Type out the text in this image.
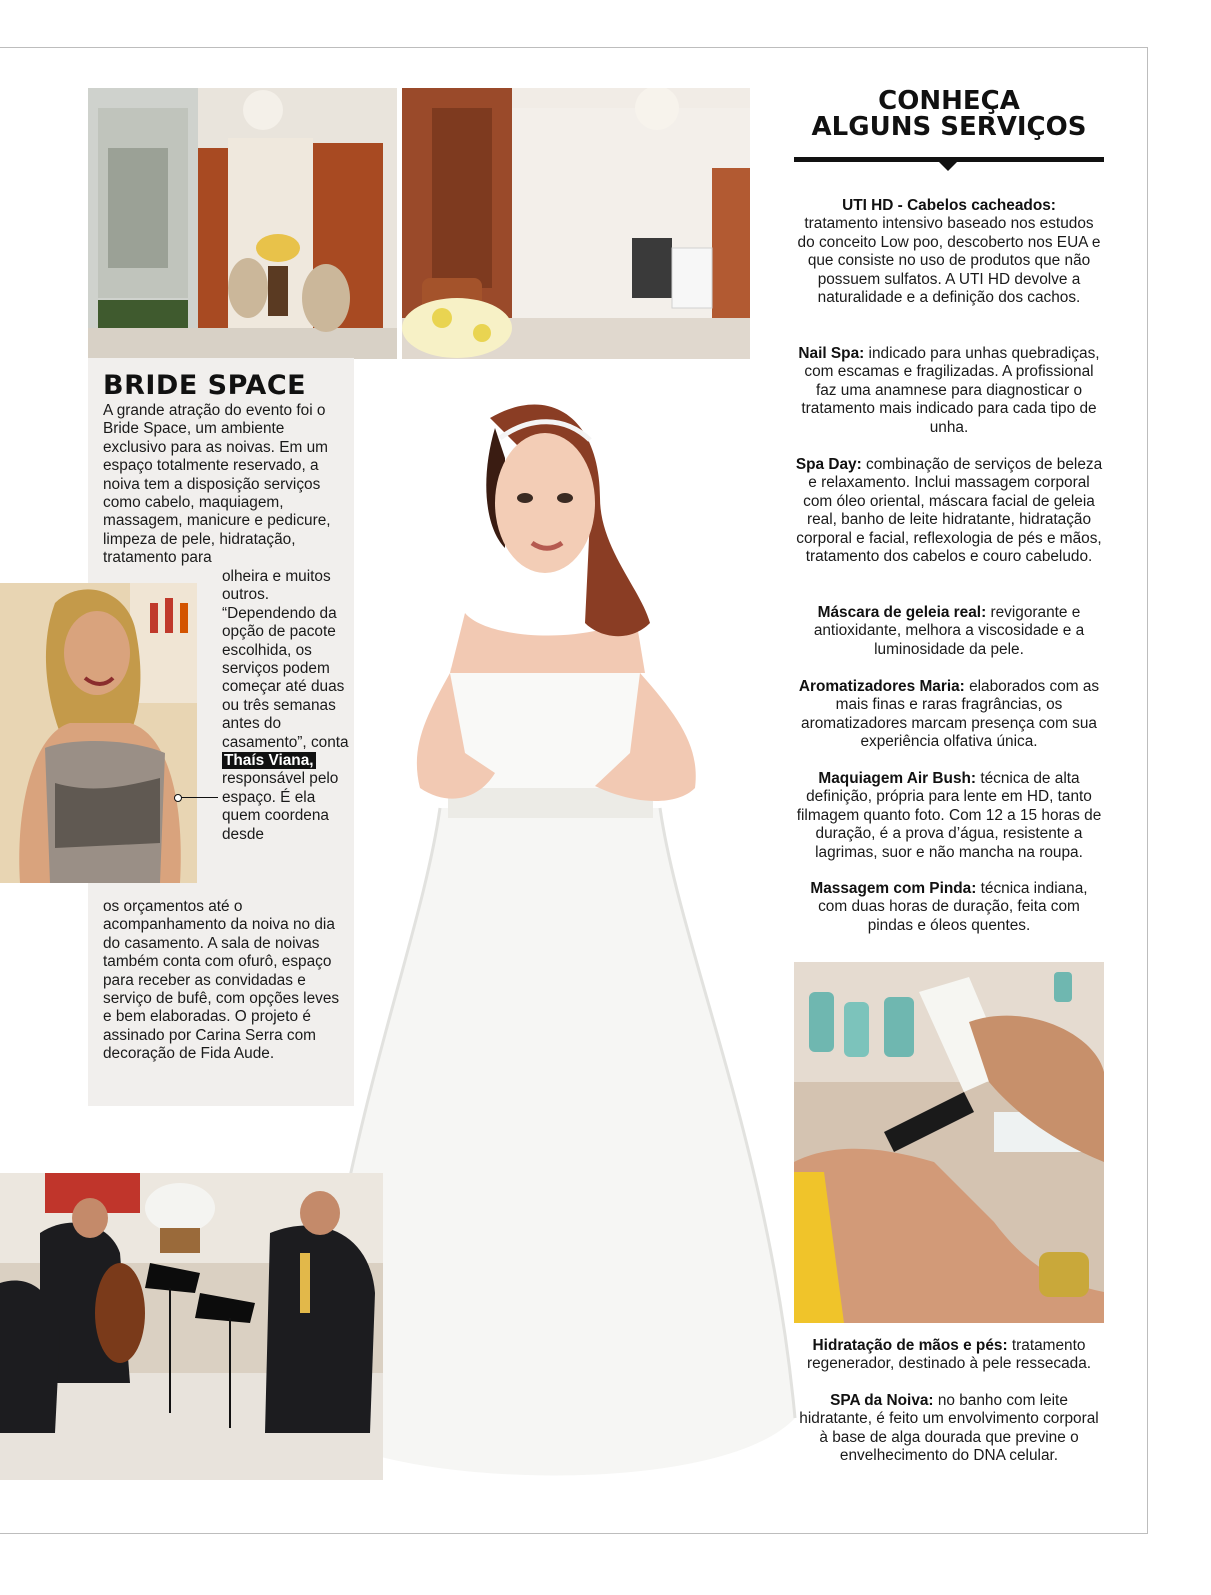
BRIDE SPACE

A grande atração do evento foi o Bride Space, um ambiente exclusivo para as noivas. Em um espaço totalmente reservado, a noiva tem a disposição serviços como cabelo, maquiagem, massagem, manicure e pedicure, limpeza de pele, hidratação, tratamento para

olheira e muitos outros. “Dependendo da opção de pacote escolhida, os serviços podem começar até duas ou três semanas antes do casamento”, conta Thaís Viana, responsável pelo espaço. É ela quem coordena desde

os orçamentos até o acompanhamento da noiva no dia do casamento. A sala de noivas também conta com ofurô, espaço para receber as convidadas e serviço de bufê, com opções leves e bem elaboradas. O projeto é assinado por Carina Serra com decoração de Fida Aude.

CONHEÇA
ALGUNS SERVIÇOS

UTI HD - Cabelos cacheados:
tratamento intensivo baseado nos estudos do conceito Low poo, descoberto nos EUA e que consiste no uso de produtos que não possuem sulfatos. A UTI HD devolve a naturalidade e a definição dos cachos.

Nail Spa: indicado para unhas quebradiças, com escamas e fragilizadas. A profissional faz uma anamnese para diagnosticar o tratamento mais indicado para cada tipo de unha.

Spa Day: combinação de serviços de beleza e relaxamento. Inclui massagem corporal com óleo oriental, máscara facial de geleia real, banho de leite hidratante, hidratação corporal e facial, reflexologia de pés e mãos, tratamento dos cabelos e couro cabeludo.

Máscara de geleia real: revigorante e antioxidante, melhora a viscosidade e a luminosidade da pele.

Aromatizadores Maria: elaborados com as mais finas e raras fragrâncias, os aromatizadores marcam presença com sua experiência olfativa única.

Maquiagem Air Bush: técnica de alta definição, própria para lente em HD, tanto filmagem quanto foto. Com 12 a 15 horas de duração, é a prova d’água, resistente a lagrimas, suor e não mancha na roupa.

Massagem com Pinda: técnica indiana, com duas horas de duração, feita com pindas e óleos quentes.

Hidratação de mãos e pés: tratamento regenerador, destinado à pele ressecada.

SPA da Noiva: no banho com leite hidratante, é feito um envolvimento corporal à base de alga dourada que previne o envelhecimento do DNA celular.
